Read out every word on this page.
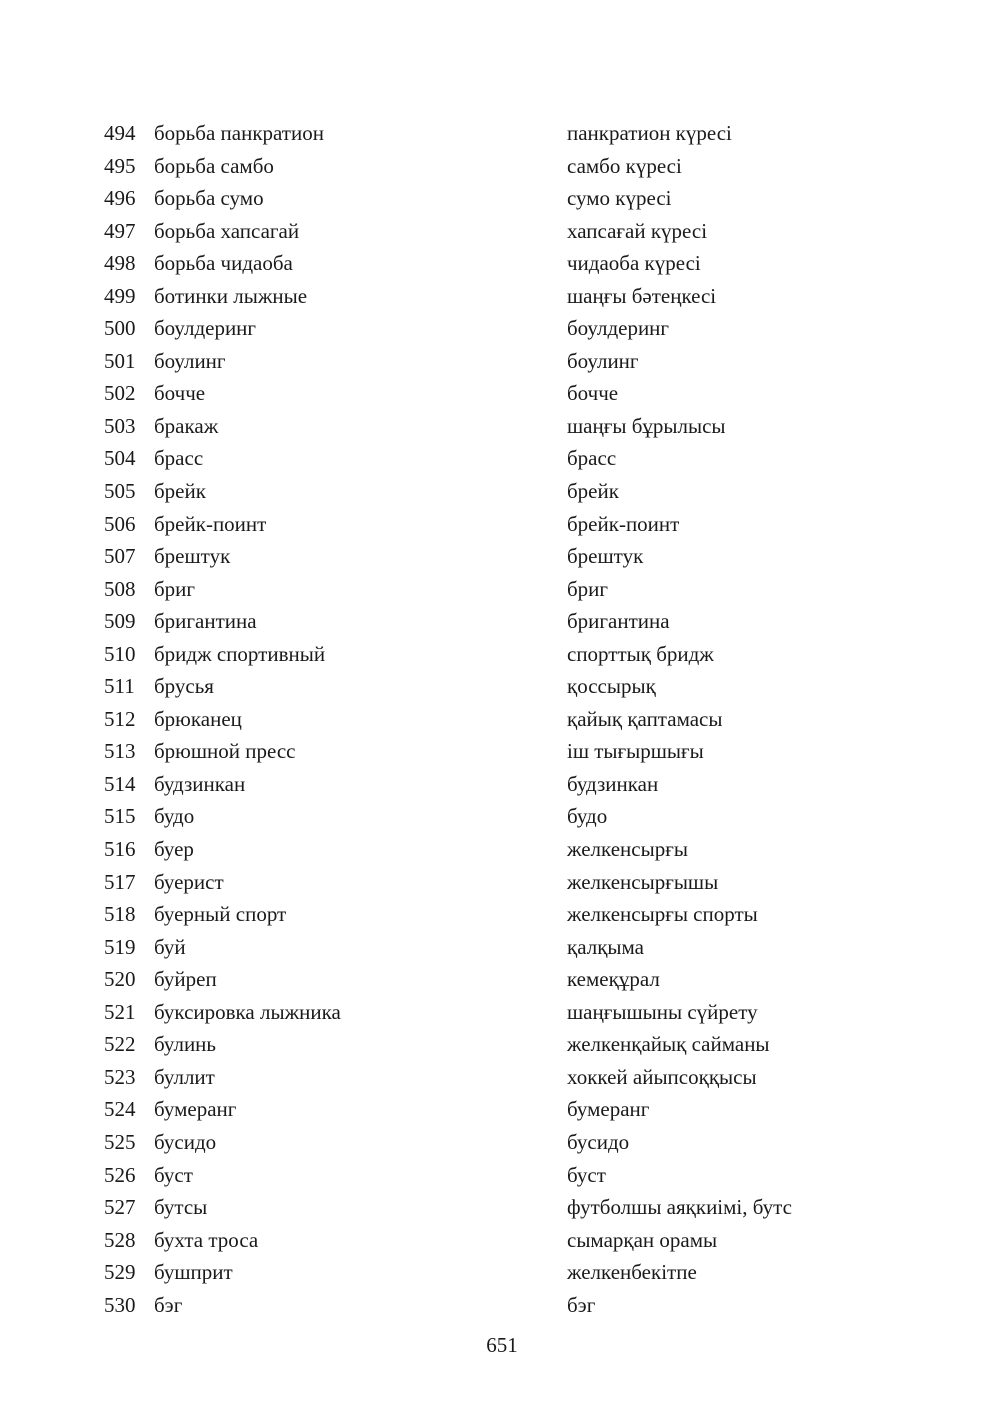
494 борьба панкратион	панкратион күресі
495 борьба самбо	самбо күресі
496 борьба сумо	сумо күресі
497 борьба хапсагай	хапсағай күресі
498 борьба чидаоба	чидаоба күресі
499 ботинки лыжные	шаңғы бәтеңкесі
500 боулдеринг	боулдеринг
501 боулинг	боулинг
502 бочче	бочче
503 бракаж	шаңғы бұрылысы
504 брасс	брасс
505 брейк	брейк
506 брейк-поинт	брейк-поинт
507 брештук	брештук
508 бриг	бриг
509 бригантина	бригантина
510 бридж спортивный	спорттық бридж
511 брусья	қоссырық
512 брюканец	қайық қаптамасы
513 брюшной пресс	іш тығыршығы
514 будзинкан	будзинкан
515 будо	будо
516 буер	желкенсырғы
517 буерист	желкенсырғышы
518 буерный спорт	желкенсырғы спорты
519 буй	қалқыма
520 буйреп	кемеқұрал
521 буксировка лыжника	шаңғышыны сүйрету
522 булинь	желкенқайық сайманы
523 буллит	хоккей айыпсоққысы
524 бумеранг	бумеранг
525 бусидо	бусидо
526 буст	буст
527 бутсы	футболшы аяқкиімі, бутс
528 бухта троса	сымарқан орамы
529 бушприт	желкенбекітпе
530 бэг	бэг
651
